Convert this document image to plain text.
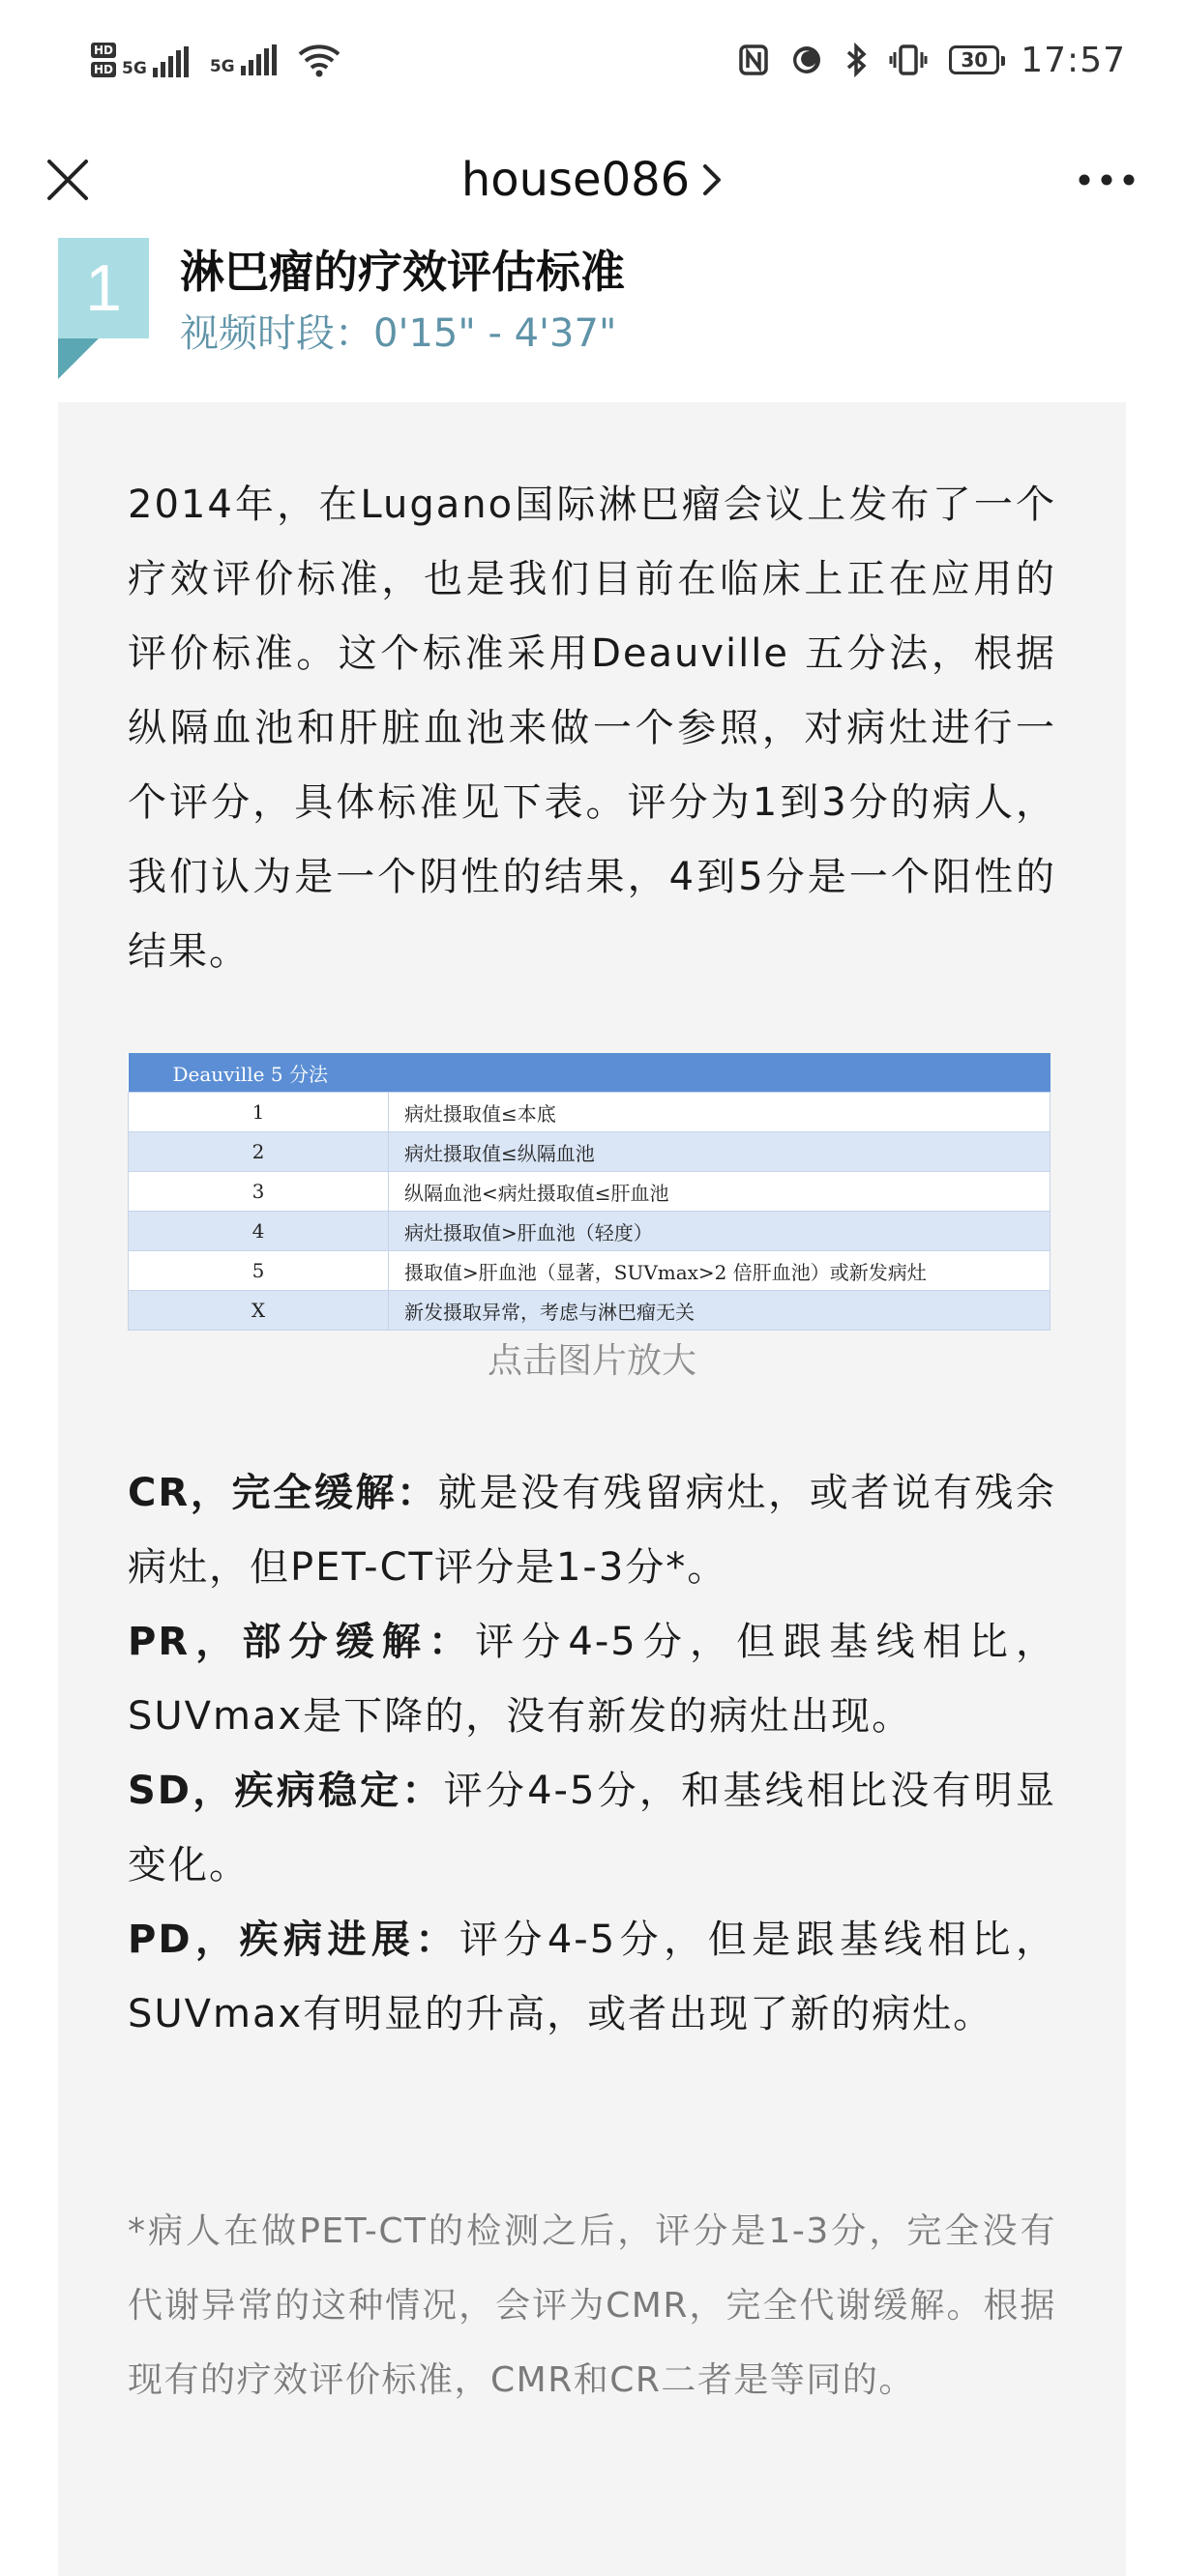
HD
HD 5G	5G	30 17:57
house086
1	淋巴瘤的疗效评估标准
视频时段：0'15" - 4'37"

2014年，在Lugano国际淋巴瘤会议上发布了一个疗效评价标准，也是我们目前在临床上正在应用的评价标准。这个标准采用Deauville 五分法，根据纵隔血池和肝脏血池来做一个参照，对病灶进行一个评分，具体标准见下表。评分为1到3分的病人，我们认为是一个阴性的结果，4到5分是一个阳性的结果。

Deauville 5 分法	
1	病灶摄取值≤本底
2	病灶摄取值≤纵隔血池
3	纵隔血池<病灶摄取值≤肝血池
4	病灶摄取值>肝血池（轻度）
5	摄取值>肝血池（显著，SUVmax>2 倍肝血池）或新发病灶
X	新发摄取异常，考虑与淋巴瘤无关
点击图片放大
CR，完全缓解：就是没有残留病灶，或者说有残余病灶，但PET-CT评分是1-3分*。
PR，部分缓解：评分4-5分，但跟基线相比，SUVmax是下降的，没有新发的病灶出现。
SD，疾病稳定：评分4-5分，和基线相比没有明显变化。
PD，疾病进展：评分4-5分，但是跟基线相比，SUVmax有明显的升高，或者出现了新的病灶。

*病人在做PET-CT的检测之后，评分是1-3分，完全没有代谢异常的这种情况，会评为CMR，完全代谢缓解。根据现有的疗效评价标准，CMR和CR二者是等同的。
